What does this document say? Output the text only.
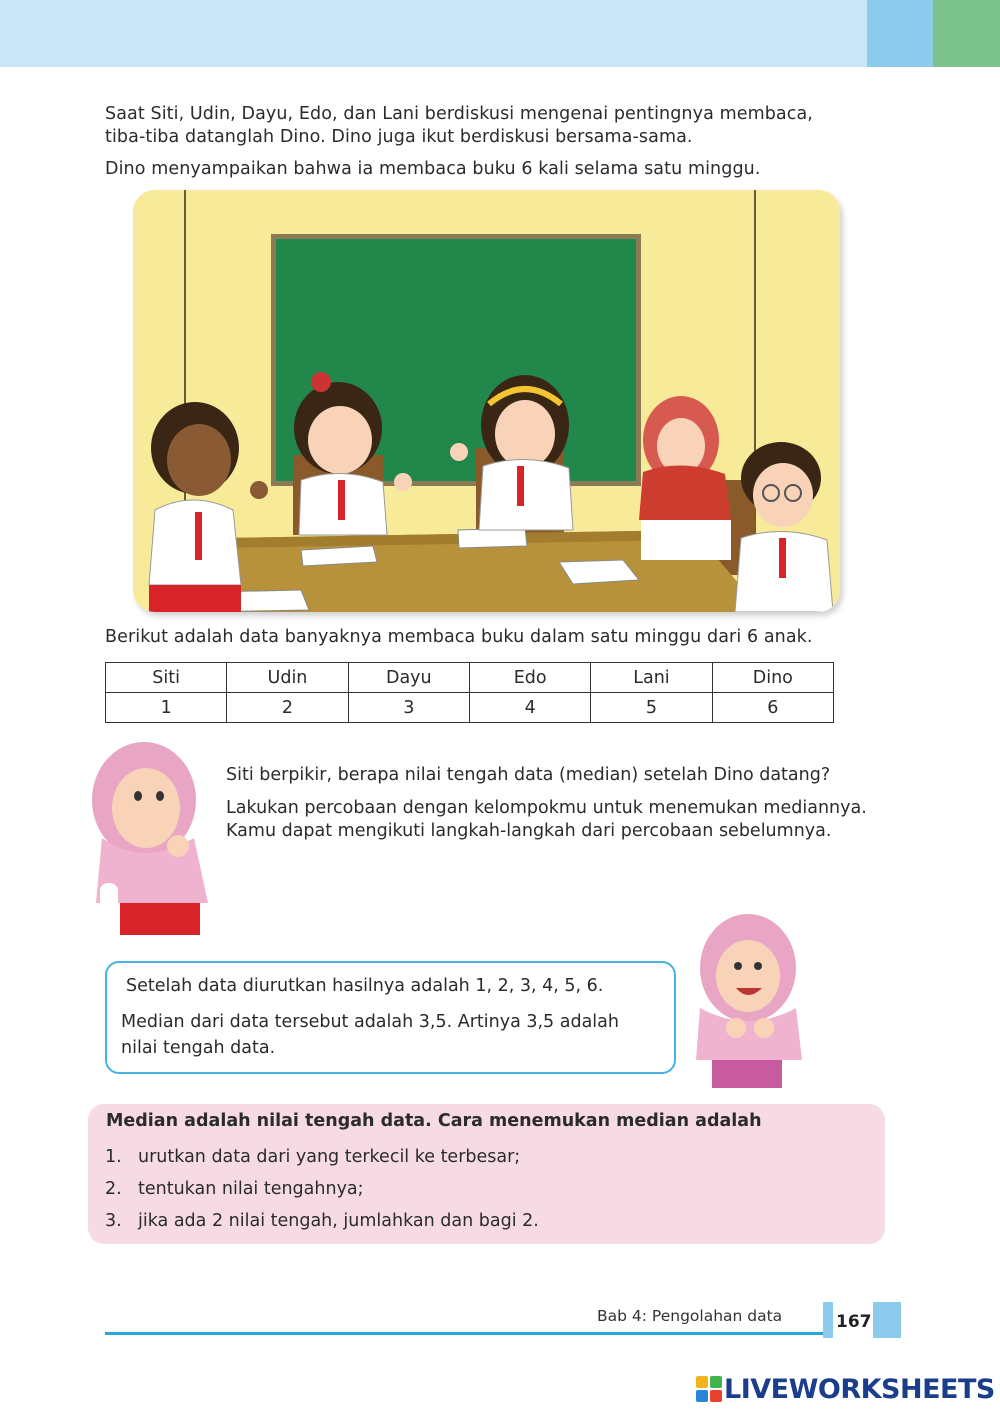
Saat Siti, Udin, Dayu, Edo, dan Lani berdiskusi mengenai pentingnya membaca,

tiba-tiba datanglah Dino. Dino juga ikut berdiskusi bersama-sama.

Dino menyampaikan bahwa ia membaca buku 6 kali selama satu minggu.

Berikut adalah data banyaknya membaca buku dalam satu minggu dari 6 anak.

Siti	Udin	Dayu	Edo	Lani	Dino
1	2	3	4	5	6

Siti berpikir, berapa nilai tengah data (median) setelah Dino datang?

Lakukan percobaan dengan kelompokmu untuk menemukan mediannya. Kamu dapat mengikuti langkah-langkah dari percobaan sebelumnya.

Setelah data diurutkan hasilnya adalah 1, 2, 3, 4, 5, 6.

Median dari data tersebut adalah 3,5. Artinya 3,5 adalah

nilai tengah data.

Median adalah nilai tengah data. Cara menemukan median adalah

1. urutkan data dari yang terkecil ke terbesar;
2. tentukan nilai tengahnya;
3. jika ada 2 nilai tengah, jumlahkan dan bagi 2.

Bab 4: Pengolahan data	167
LIVEWORKSHEETS
